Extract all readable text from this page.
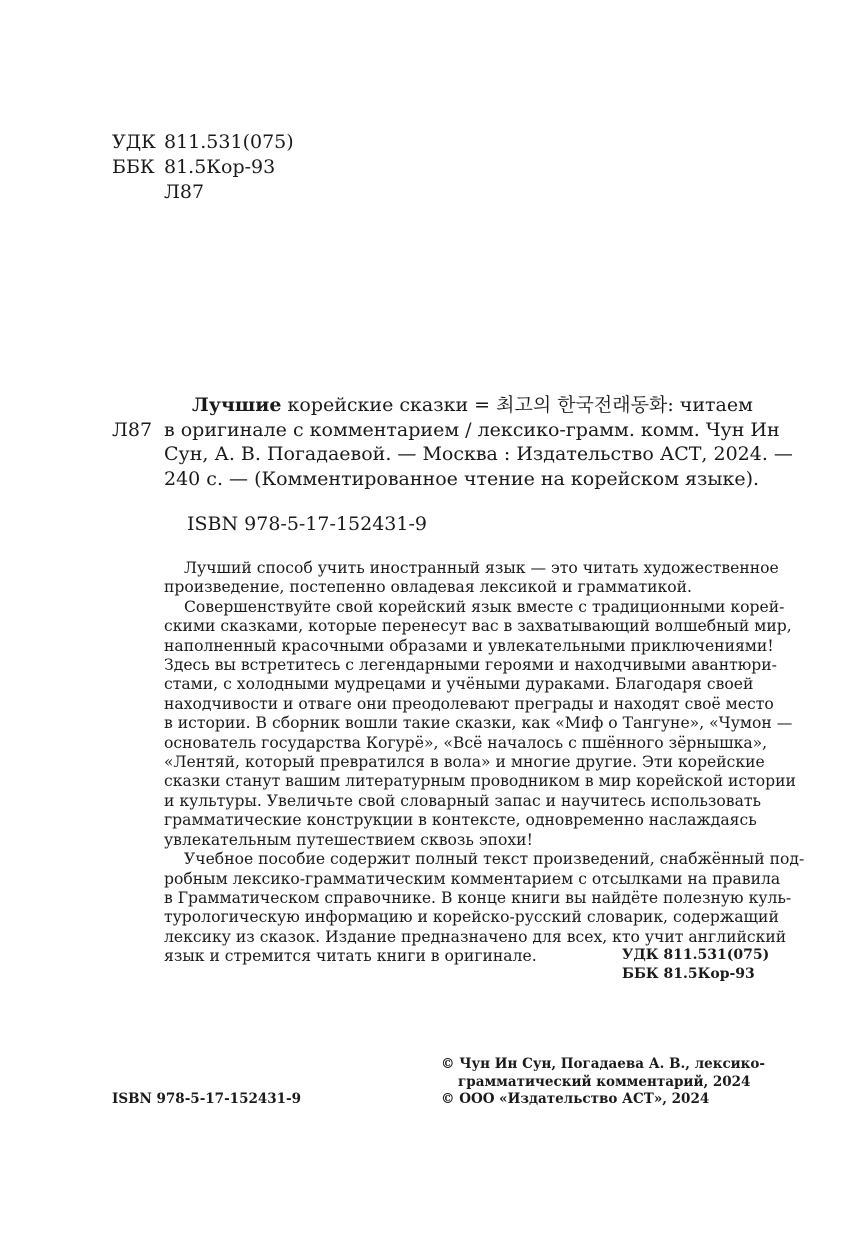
УДК 811.531(075)
ББК 81.5Кор-93
Л87
Лучшие корейские сказки = 최고의 한국전래동화: читаем
Л87 в оригинале с комментарием / лексико-грамм. комм. Чун Ин
Сун, А. В. Погадаевой. — Москва : Издательство АСТ, 2024. —
240 с. — (Комментированное чтение на корейском языке).
ISBN 978-5-17-152431-9

Лучший способ учить иностранный язык — это читать художественное
произведение, постепенно овладевая лексикой и грамматикой.

Совершенствуйте свой корейский язык вместе с традиционными корей-
скими сказками, которые перенесут вас в захватывающий волшебный мир,
наполненный красочными образами и увлекательными приключениями!
Здесь вы встретитесь с легендарными героями и находчивыми авантюри-
стами, с холодными мудрецами и учёными дураками. Благодаря своей
находчивости и отваге они преодолевают преграды и находят своё место
в истории. В сборник вошли такие сказки, как «Миф о Тангуне», «Чумон —
основатель государства Когурё», «Всё началось с пшённого зёрнышка»,
«Лентяй, который превратился в вола» и многие другие. Эти корейские
сказки станут вашим литературным проводником в мир корейской истории
и культуры. Увеличьте свой словарный запас и научитесь использовать
грамматические конструкции в контексте, одновременно наслаждаясь
увлекательным путешествием сквозь эпохи!

Учебное пособие содержит полный текст произведений, снабжённый под-
робным лексико-грамматическим комментарием с отсылками на правила
в Грамматическом справочнике. В конце книги вы найдёте полезную куль-
турологическую информацию и корейско-русский словарик, содержащий
лексику из сказок. Издание предназначено для всех, кто учит английский
язык и стремится читать книги в оригинале.	УДК 811.531(075)
ББК 81.5Кор-93
© Чун Ин Сун, Погадаева А. В., лексико-
грамматический комментарий, 2024
© ООО «Издательство АСТ», 2024
ISBN 978-5-17-152431-9
